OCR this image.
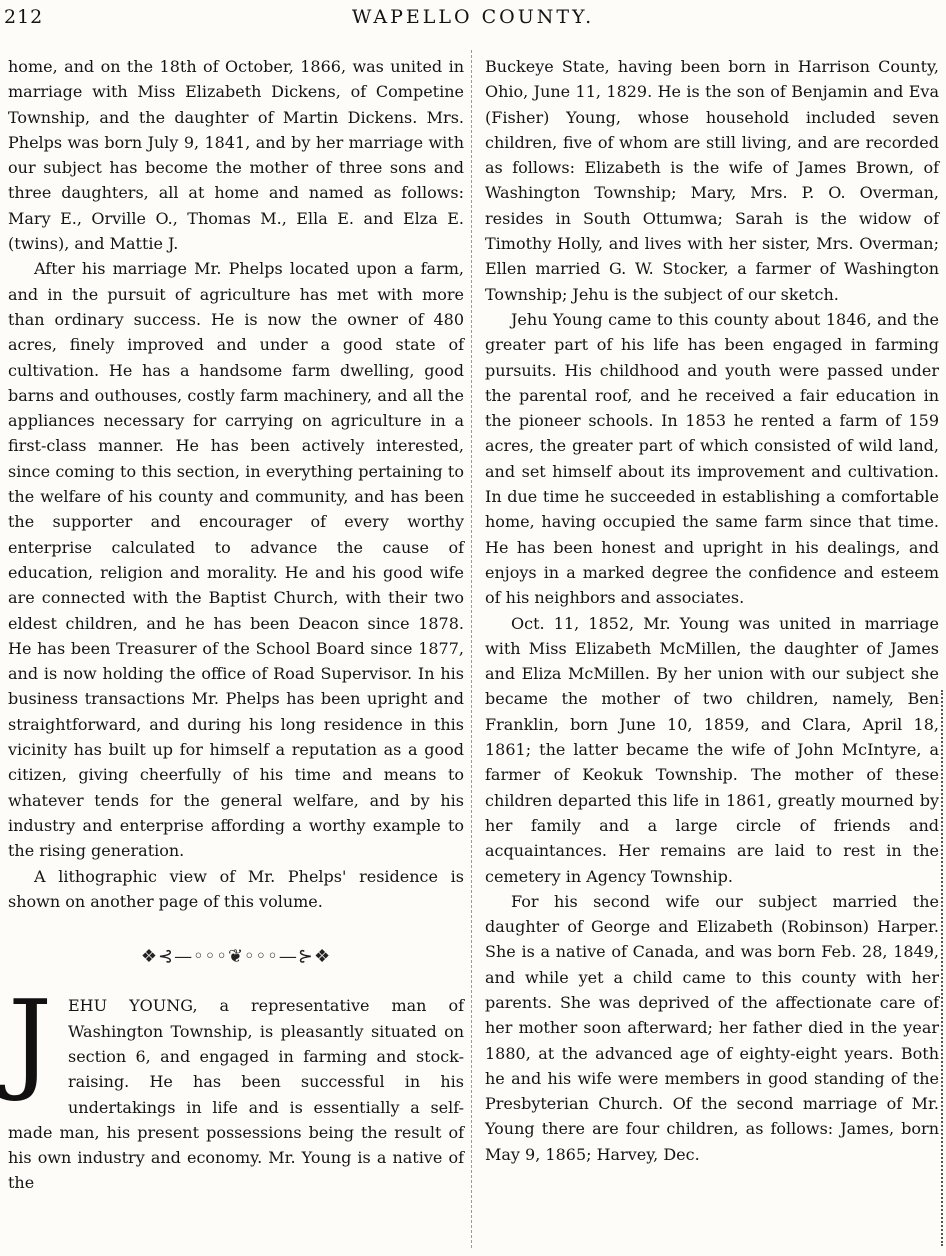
212	WAPELLO COUNTY.

home, and on the 18th of October, 1866, was united in marriage with Miss Elizabeth Dickens, of Competine Township, and the daughter of Martin Dickens. Mrs. Phelps was born July 9, 1841, and by her marriage with our subject has become the mother of three sons and three daughters, all at home and named as follows: Mary E., Orville O., Thomas M., Ella E. and Elza E. (twins), and Mattie J.

After his marriage Mr. Phelps located upon a farm, and in the pursuit of agriculture has met with more than ordinary success. He is now the owner of 480 acres, finely improved and under a good state of cultivation. He has a handsome farm dwelling, good barns and outhouses, costly farm machinery, and all the appliances necessary for carrying on agriculture in a first-class manner. He has been actively interested, since coming to this section, in everything pertaining to the welfare of his county and community, and has been the supporter and encourager of every worthy enterprise calculated to advance the cause of education, religion and morality. He and his good wife are connected with the Baptist Church, with their two eldest children, and he has been Deacon since 1878. He has been Treasurer of the School Board since 1877, and is now holding the office of Road Supervisor. In his business transactions Mr. Phelps has been upright and straightforward, and during his long residence in this vicinity has built up for himself a reputation as a good citizen, giving cheerfully of his time and means to whatever tends for the general welfare, and by his industry and enterprise affording a worthy example to the rising generation.

A lithographic view of Mr. Phelps' residence is shown on another page of this volume.

❖⊰—◦◦◦❦◦◦◦—⊱❖

JEHU YOUNG, a representative man of Washington Township, is pleasantly situated on section 6, and engaged in farming and stock-raising. He has been successful in his undertakings in life and is essentially a self-made man, his present possessions being the result of his own industry and economy. Mr. Young is a native of the

Buckeye State, having been born in Harrison County, Ohio, June 11, 1829. He is the son of Benjamin and Eva (Fisher) Young, whose household included seven children, five of whom are still living, and are recorded as follows: Elizabeth is the wife of James Brown, of Washington Township; Mary, Mrs. P. O. Overman, resides in South Ottumwa; Sarah is the widow of Timothy Holly, and lives with her sister, Mrs. Overman; Ellen married G. W. Stocker, a farmer of Washington Township; Jehu is the subject of our sketch.

Jehu Young came to this county about 1846, and the greater part of his life has been engaged in farming pursuits. His childhood and youth were passed under the parental roof, and he received a fair education in the pioneer schools. In 1853 he rented a farm of 159 acres, the greater part of which consisted of wild land, and set himself about its improvement and cultivation. In due time he succeeded in establishing a comfortable home, having occupied the same farm since that time. He has been honest and upright in his dealings, and enjoys in a marked degree the confidence and esteem of his neighbors and associates.

Oct. 11, 1852, Mr. Young was united in marriage with Miss Elizabeth McMillen, the daughter of James and Eliza McMillen. By her union with our subject she became the mother of two children, namely, Ben Franklin, born June 10, 1859, and Clara, April 18, 1861; the latter became the wife of John McIntyre, a farmer of Keokuk Township. The mother of these children departed this life in 1861, greatly mourned by her family and a large circle of friends and acquaintances. Her remains are laid to rest in the cemetery in Agency Township.

For his second wife our subject married the daughter of George and Elizabeth (Robinson) Harper. She is a native of Canada, and was born Feb. 28, 1849, and while yet a child came to this county with her parents. She was deprived of the affectionate care of her mother soon afterward; her father died in the year 1880, at the advanced age of eighty-eight years. Both he and his wife were members in good standing of the Presbyterian Church. Of the second marriage of Mr. Young there are four children, as follows: James, born May 9, 1865; Harvey, Dec.
